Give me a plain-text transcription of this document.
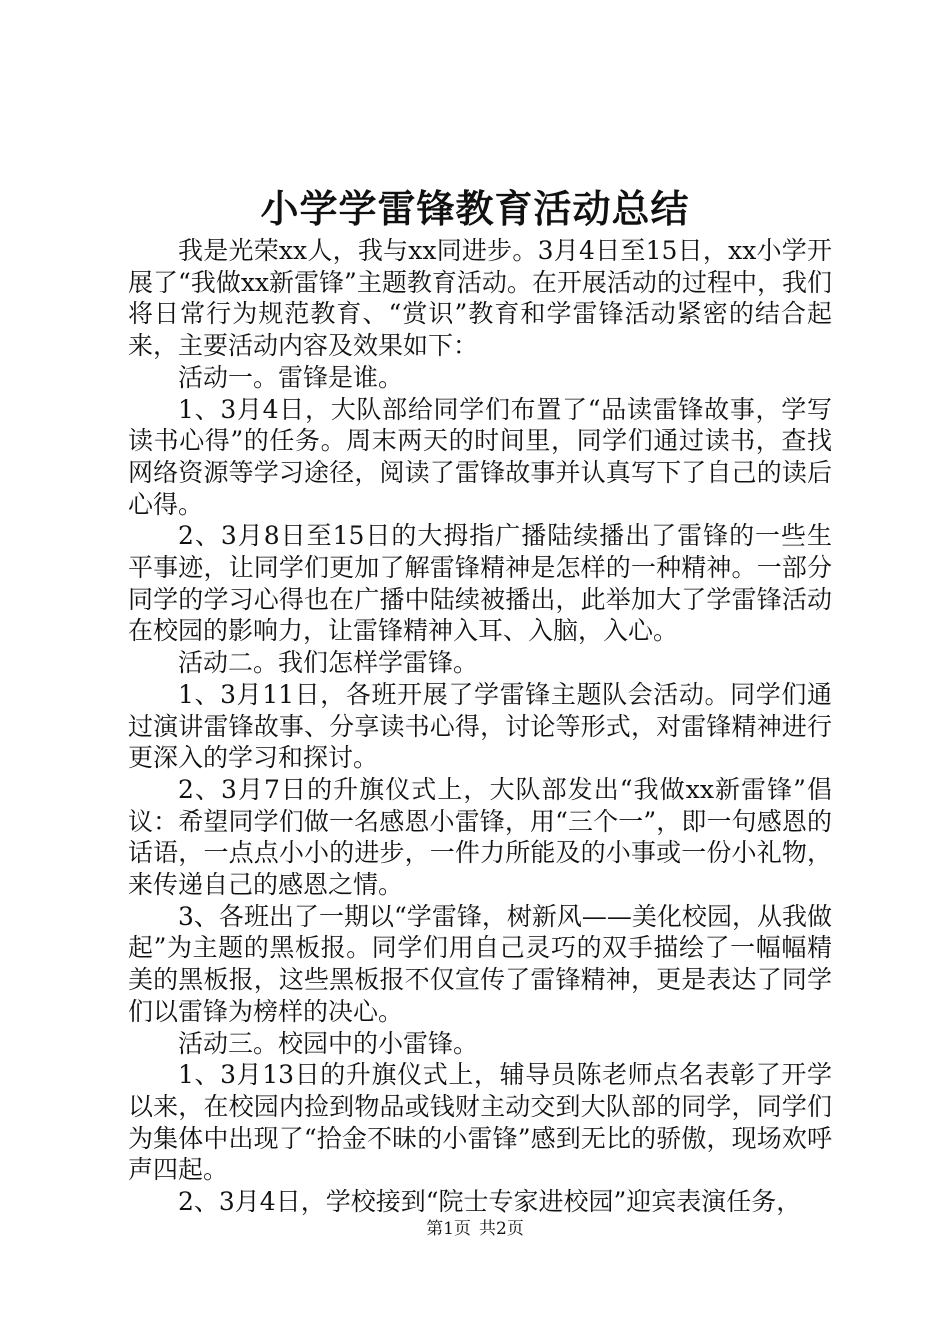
小学学雷锋教育活动总结

我是光荣xx人，我与xx同进步。3月4日至15日，xx小学开展了“我做xx新雷锋”主题教育活动。在开展活动的过程中，我们将日常行为规范教育、“赏识”教育和学雷锋活动紧密的结合起来，主要活动内容及效果如下：

活动一。雷锋是谁。

1、3月4日，大队部给同学们布置了“品读雷锋故事，学写读书心得”的任务。周末两天的时间里，同学们通过读书，查找网络资源等学习途径，阅读了雷锋故事并认真写下了自己的读后心得。

2、3月8日至15日的大拇指广播陆续播出了雷锋的一些生平事迹，让同学们更加了解雷锋精神是怎样的一种精神。一部分同学的学习心得也在广播中陆续被播出，此举加大了学雷锋活动在校园的影响力，让雷锋精神入耳、入脑，入心。

活动二。我们怎样学雷锋。

1、3月11日，各班开展了学雷锋主题队会活动。同学们通过演讲雷锋故事、分享读书心得，讨论等形式，对雷锋精神进行更深入的学习和探讨。

2、3月7日的升旗仪式上，大队部发出“我做xx新雷锋”倡议：希望同学们做一名感恩小雷锋，用“三个一”，即一句感恩的话语，一点点小小的进步，一件力所能及的小事或一份小礼物，来传递自己的感恩之情。

3、各班出了一期以“学雷锋，树新风——美化校园，从我做起”为主题的黑板报。同学们用自己灵巧的双手描绘了一幅幅精美的黑板报，这些黑板报不仅宣传了雷锋精神，更是表达了同学们以雷锋为榜样的决心。

活动三。校园中的小雷锋。

1、3月13日的升旗仪式上，辅导员陈老师点名表彰了开学以来，在校园内捡到物品或钱财主动交到大队部的同学，同学们为集体中出现了“拾金不昧的小雷锋”感到无比的骄傲，现场欢呼声四起。

2、3月4日，学校接到“院士专家进校园”迎宾表演任务，

第1页 共2页
